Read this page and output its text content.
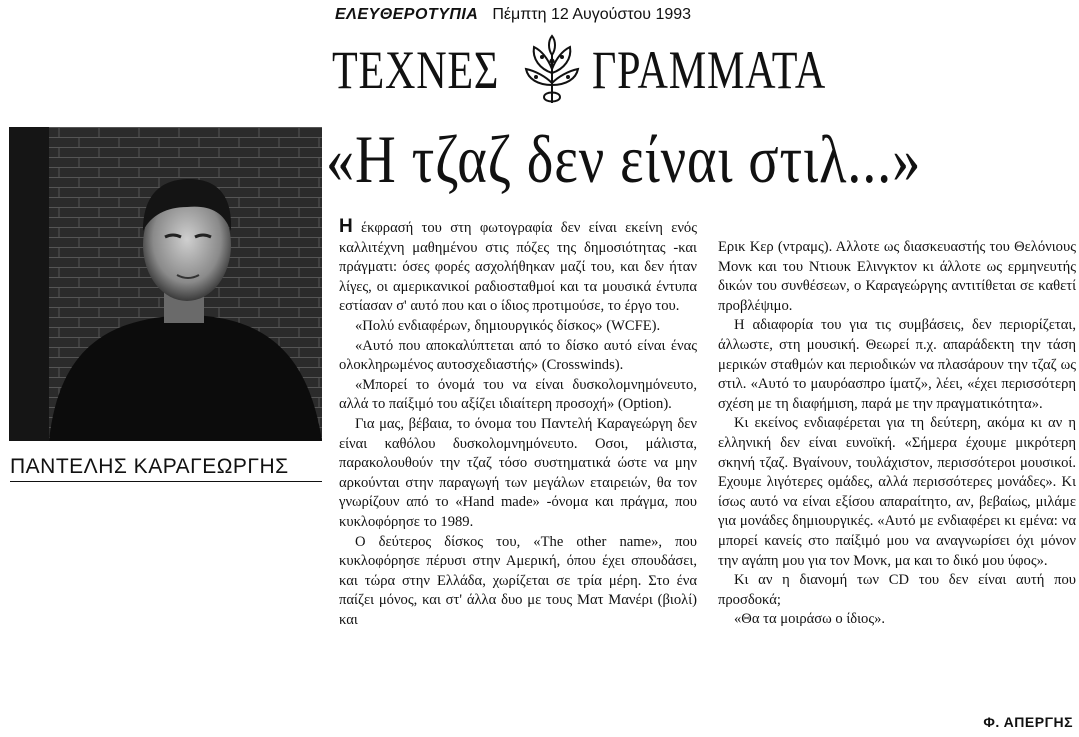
ΕΛΕΥΘΕΡΟΤΥΠΙΑ Πέμπτη 12 Αυγούστου 1993
ΤΕΧΝΕΣ ΓΡΑΜΜΑΤΑ
ΠΑΝΤΕΛΗΣ ΚΑΡΑΓΕΩΡΓΗΣ
«Η τζαζ δεν είναι στιλ...»

Η έκφρασή του στη φωτογραφία δεν είναι εκείνη ενός καλλιτέχνη μαθημένου στις πόζες της δημοσιότητας -και πράγματι: όσες φορές ασχολήθηκαν μαζί του, και δεν ήταν λίγες, οι αμερικανικοί ραδιοσταθμοί και τα μουσικά έντυπα εστίασαν σ' αυτό που και ο ίδιος προτιμούσε, το έργο του.

«Πολύ ενδιαφέρων, δημιουργικός δίσκος» (WCFE).

«Αυτό που αποκαλύπτεται από το δίσκο αυτό είναι ένας ολοκληρωμένος αυτοσχεδιαστής» (Crosswinds).

«Μπορεί το όνομά του να είναι δυσκολομνημόνευτο, αλλά το παίξιμό του αξίζει ιδιαίτερη προσοχή» (Option).

Για μας, βέβαια, το όνομα του Παντελή Καραγεώργη δεν είναι καθόλου δυσκολομνημόνευτο. Οσοι, μάλιστα, παρακολουθούν την τζαζ τόσο συστηματικά ώστε να μην αρκούνται στην παραγωγή των μεγάλων εταιρειών, θα τον γνωρίζουν από το «Hand made» -όνομα και πράγμα, που κυκλοφόρησε το 1989.

Ο δεύτερος δίσκος του, «The other name», που κυκλοφόρησε πέρυσι στην Αμερική, όπου έχει σπουδάσει, και τώρα στην Ελλάδα, χωρίζεται σε τρία μέρη. Στο ένα παίζει μόνος, και στ' άλλα δυο με τους Ματ Μανέρι (βιολί) και

Ερικ Κερ (ντραμς). Αλλοτε ως διασκευαστής του Θελόνιους Μονκ και του Ντιουκ Ελινγκτον κι άλλοτε ως ερμηνευτής δικών του συνθέσεων, ο Καραγεώργης αντιτίθεται σε καθετί προβλέψιμο.

Η αδιαφορία του για τις συμβάσεις, δεν περιορίζεται, άλλωστε, στη μουσική. Θεωρεί π.χ. απαράδεκτη την τάση μερικών σταθμών και περιοδικών να πλασάρουν την τζαζ ως στιλ. «Αυτό το μαυρόασπρο ίματζ», λέει, «έχει περισσότερη σχέση με τη διαφήμιση, παρά με την πραγματικότητα».

Κι εκείνος ενδιαφέρεται για τη δεύτερη, ακόμα κι αν η ελληνική δεν είναι ευνοϊκή. «Σήμερα έχουμε μικρότερη σκηνή τζαζ. Βγαίνουν, τουλάχιστον, περισσότεροι μουσικοί. Εχουμε λιγότερες ομάδες, αλλά περισσότερες μονάδες». Κι ίσως αυτό να είναι εξίσου απαραίτητο, αν, βεβαίως, μιλάμε για μονάδες δημιουργικές. «Αυτό με ενδιαφέρει κι εμένα: να μπορεί κανείς στο παίξιμό μου να αναγνωρίσει όχι μόνον την αγάπη μου για τον Μονκ, μα και το δικό μου ύφος».

Κι αν η διανομή των CD του δεν είναι αυτή που προσδοκά;

«Θα τα μοιράσω ο ίδιος».

Φ. ΑΠΕΡΓΗΣ
